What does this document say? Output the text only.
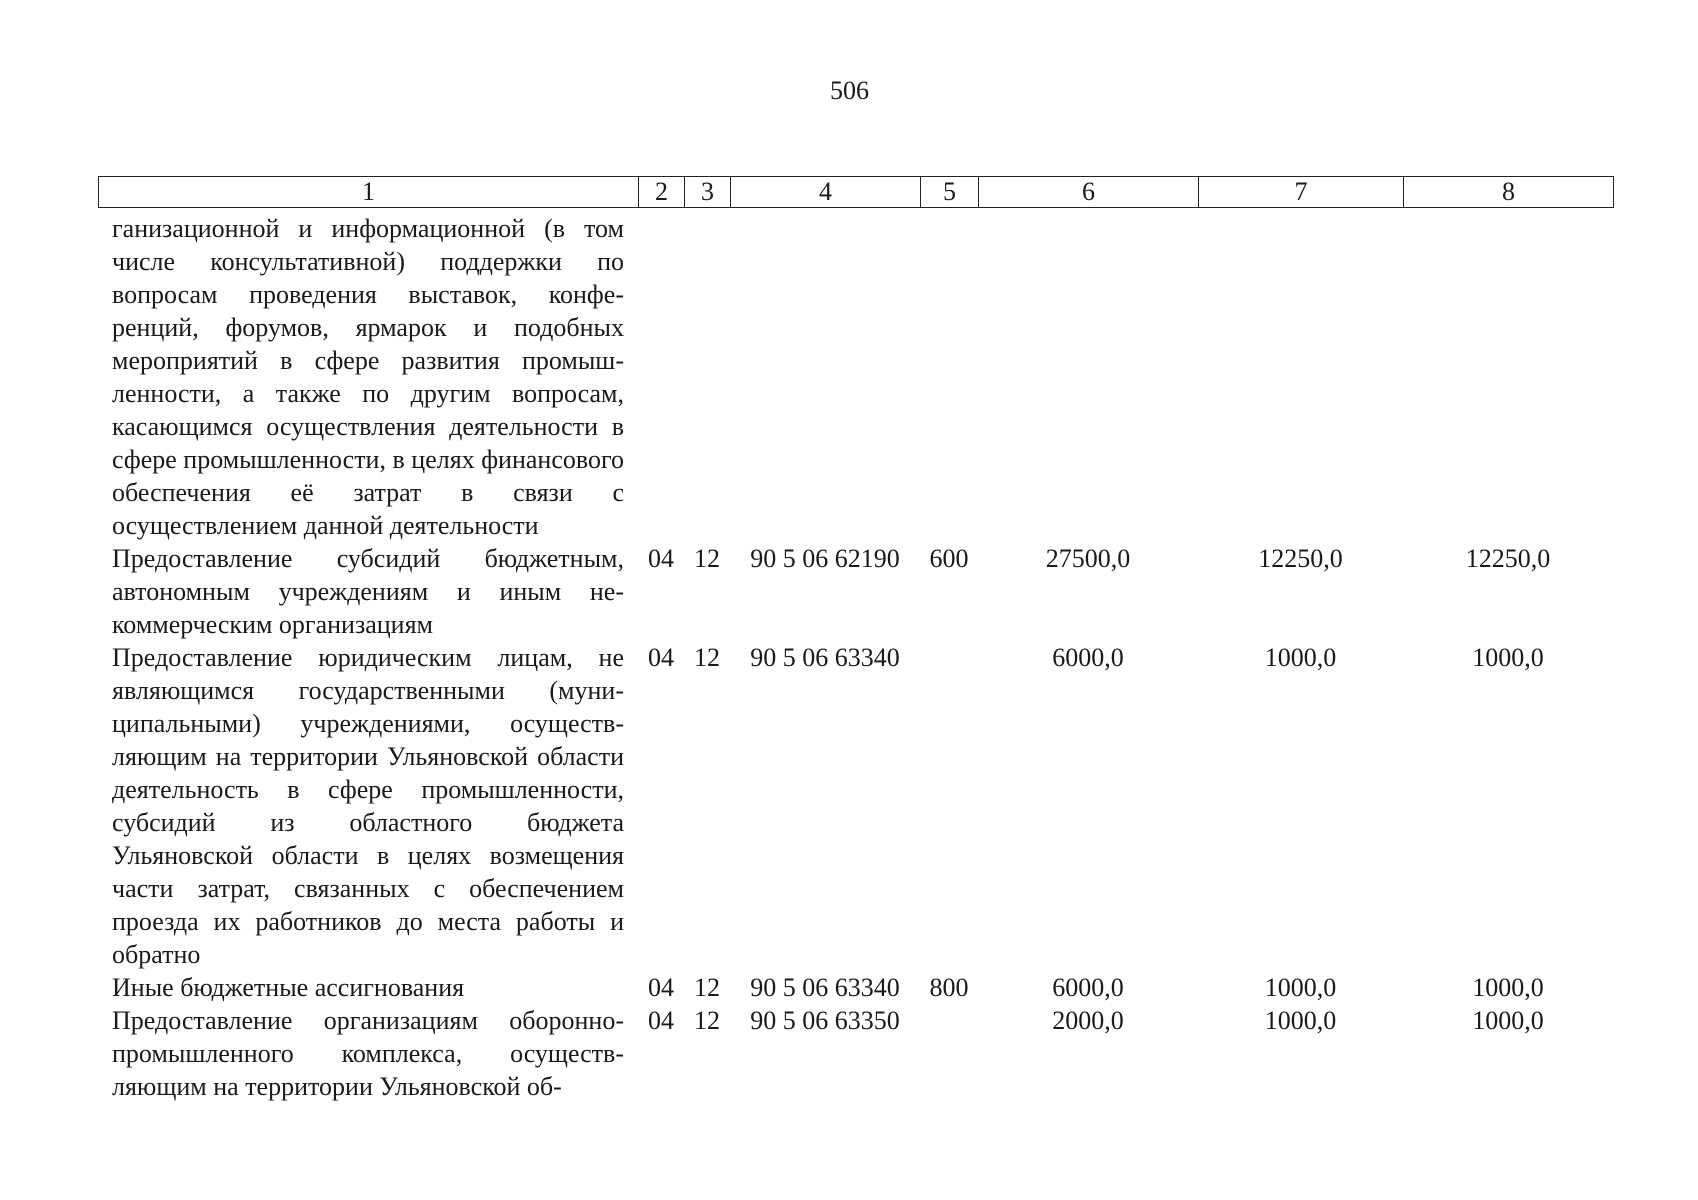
506
1	2	3	4	5	6	7	8
ганизационной и информационной (в том числе консультативной) поддержки по вопросам проведения выставок, конференций, форумов, ярмарок и подобных мероприятий в сфере развития промышленности, а также по другим вопросам, касающимся осуществления деятельности в сфере промышленности, в целях финансового обеспечения её затрат в связи с осуществлением данной деятельности							
Предоставление субсидий бюджетным, автономным учреждениям и иным некоммерческим организациям	04	12	90 5 06 62190	600	27500,0	12250,0	12250,0
Предоставление юридическим лицам, не являющимся государственными (муниципальными) учреждениями, осуществляющим на территории Ульяновской области деятельность в сфере промышленности, субсидий из областного бюджета Ульяновской области в целях возмещения части затрат, связанных с обеспечением проезда их работников до места работы и обратно	04	12	90 5 06 63340		6000,0	1000,0	1000,0
Иные бюджетные ассигнования	04	12	90 5 06 63340	800	6000,0	1000,0	1000,0
Предоставление организациям оборонно-промышленного комплекса, осуществляющим на территории Ульяновской об-	04	12	90 5 06 63350		2000,0	1000,0	1000,0
